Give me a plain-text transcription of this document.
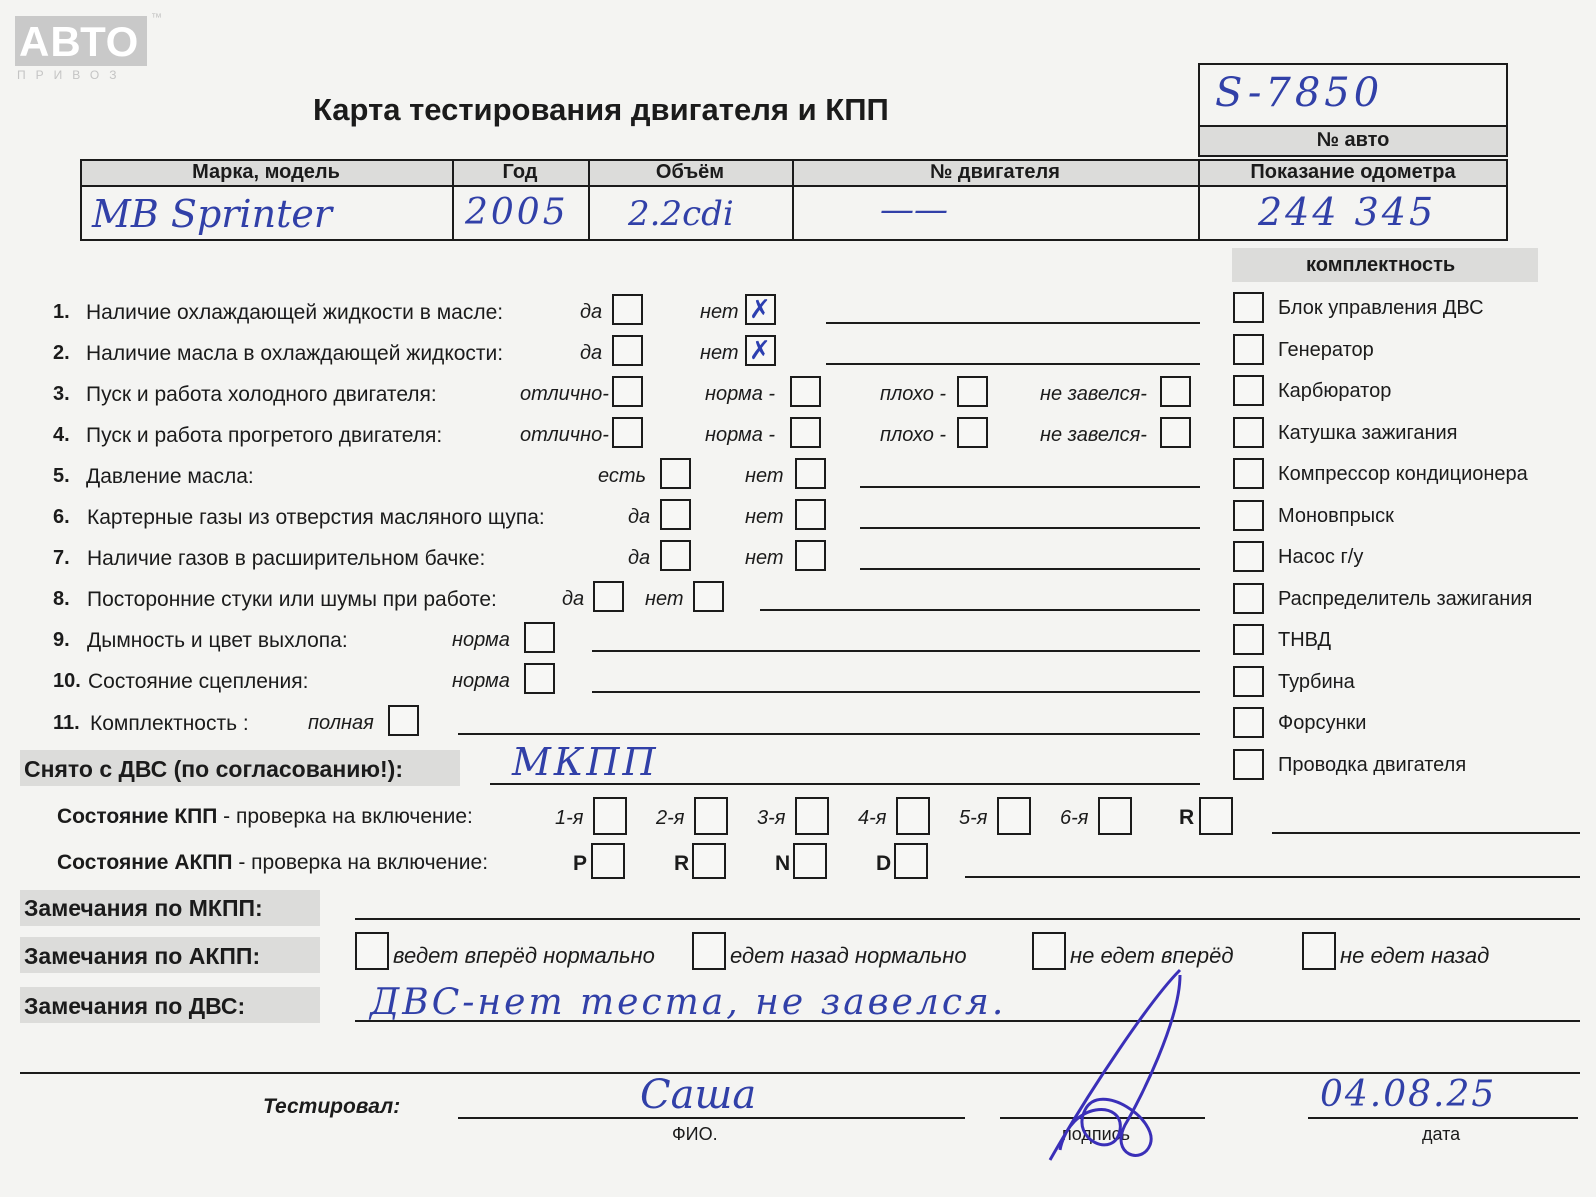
АВТО
ПРИВОЗ
™
Карта тестирования двигателя и КПП	S-7850
№ авто
Марка, модель	Год	Объём	№ двигателя	Показание одометра
MB Sprinter	2005 2.2cdi	——	244 345
комплектность
1. Наличие охлаждающей жидкости в масле:	да	нет ✗
2. Наличие масла в охлаждающей жидкости:	да	нет ✗
3. Пуск и работа холодного двигателя:	отлично-	норма -	плохо -	не завелся-
4. Пуск и работа прогретого двигателя:	отлично-	норма -	плохо -	не завелся-
5. Давление масла:	есть	нет
6. Картерные газы из отверстия масляного щупа:	да	нет
7. Наличие газов в расширительном бачке:	да	нет
8. Посторонние стуки или шумы при работе:	да	нет
9. Дымность и цвет выхлопа:	норма
10. Состояние сцепления:	норма
11. Комплектность :	полная
Блок управления ДВС
Генератор
Карбюратор
Катушка зажигания
Компрессор кондиционера
Моновпрыск
Насос г/у
Распределитель зажигания
ТНВД
Турбина
Форсунки
Проводка двигателя
Снято с ДВС (по согласованию!):	МКПП
Состояние КПП - проверка на включение:	1-я	2-я	3-я	4-я	5-я	6-я	R
Состояние АКПП - проверка на включение:	P	R	N	D
Замечания по МКПП:
Замечания по АКПП:	ведет вперёд нормально	едет назад нормально	не едет вперёд	не едет назад
Замечания по ДВС:	ДВС-нет теста, не завелся.
Тестировал:	Саша
ФИО.	подпись
04.08.25
дата
